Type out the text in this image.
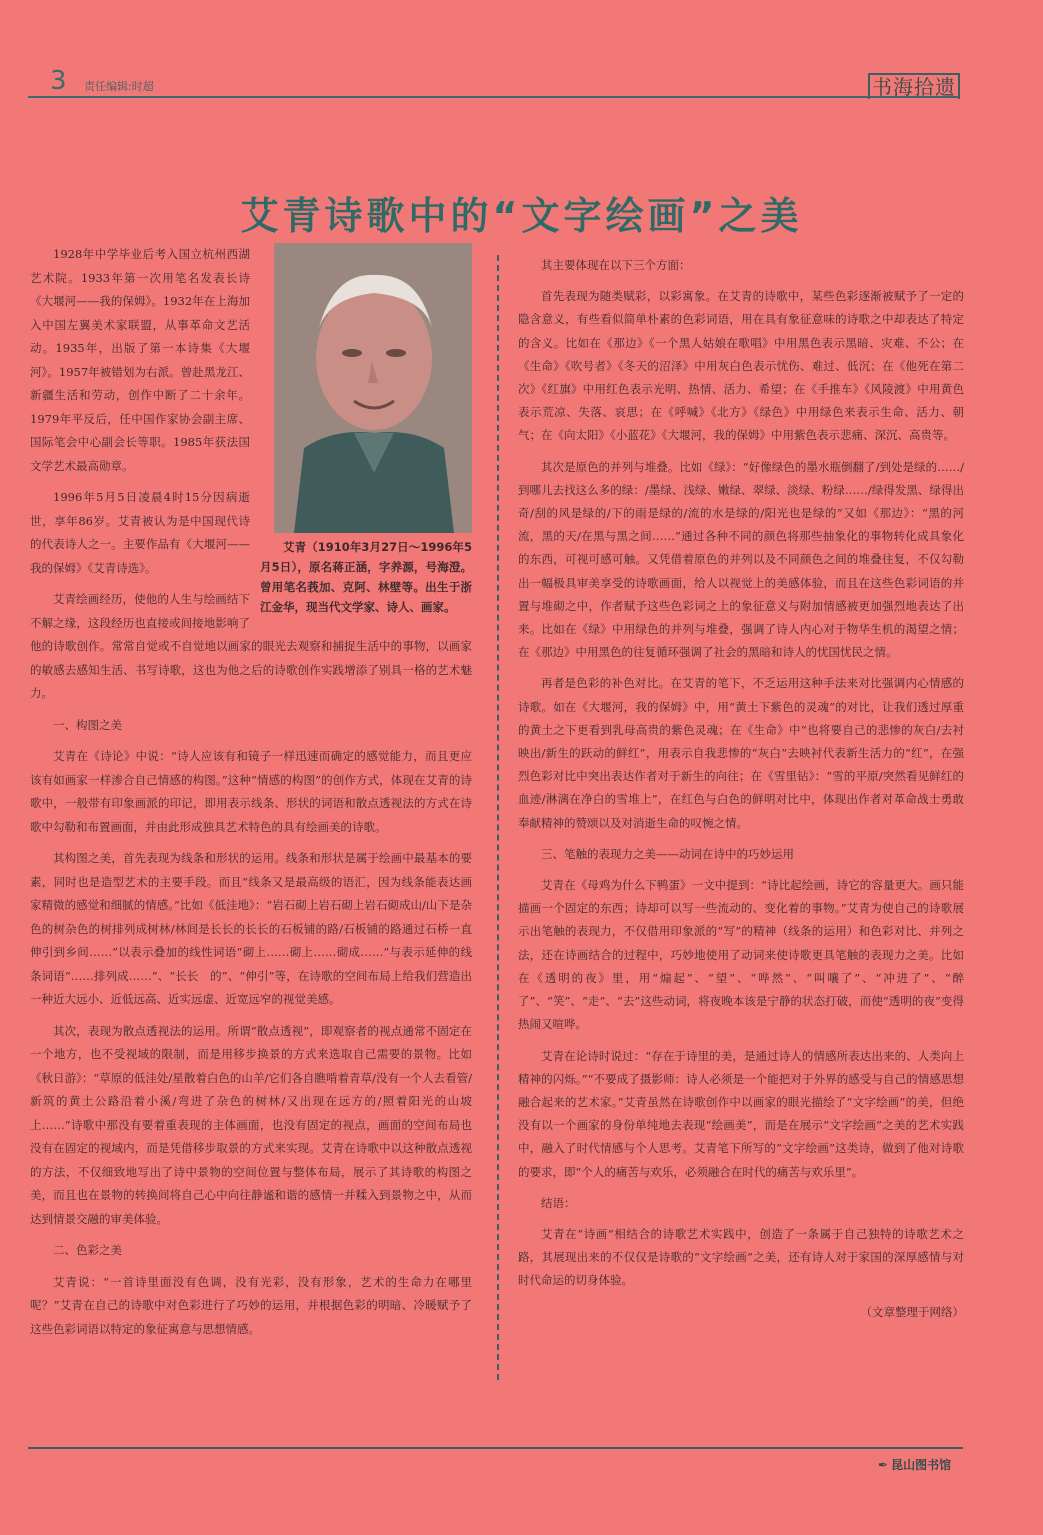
3 责任编辑:时超	书海拾遗
艾青诗歌中的“文字绘画”之美
艾青（1910年3月27日～1996年5月5日），原名蒋正涵，字养源，号海澄。曾用笔名莪加、克阿、林壁等。出生于浙江金华，现当代文学家、诗人、画家。

1928年中学毕业后考入国立杭州西湖艺术院。1933年第一次用笔名发表长诗《大堰河——我的保姆》。1932年在上海加入中国左翼美术家联盟，从事革命文艺活动。1935年，出版了第一本诗集《大堰河》。1957年被错划为右派。曾赴黑龙江、新疆生活和劳动，创作中断了二十余年。1979年平反后，任中国作家协会副主席、国际笔会中心副会长等职。1985年获法国文学艺术最高勋章。

1996年5月5日凌晨4时15分因病逝世，享年86岁。艾青被认为是中国现代诗的代表诗人之一。主要作品有《大堰河——我的保姆》《艾青诗选》。

艾青绘画经历，使他的人生与绘画结下不解之缘，这段经历也直接或间接地影响了他的诗歌创作。常常自觉或不自觉地以画家的眼光去观察和捕捉生活中的事物，以画家的敏感去感知生活、书写诗歌，这也为他之后的诗歌创作实践增添了别具一格的艺术魅力。

一、构图之美

艾青在《诗论》中说：“诗人应该有和镜子一样迅速而确定的感觉能力，而且更应该有如画家一样渗合自己情感的构图。”这种“情感的构图”的创作方式，体现在艾青的诗歌中，一般带有印象画派的印记，即用表示线条、形状的词语和散点透视法的方式在诗歌中勾勒和布置画面，并由此形成独具艺术特色的具有绘画美的诗歌。

其构图之美，首先表现为线条和形状的运用。线条和形状是属于绘画中最基本的要素，同时也是造型艺术的主要手段。而且“线条又是最高级的语汇，因为线条能表达画家精微的感觉和细腻的情感。”比如《低洼地》：“岩石砌上岩石砌上岩石砌成山/山下是杂色的树杂色的树排列成树林/林间是长长的长长的石板铺的路/石板铺的路通过石桥一直伸引到乡间……”以表示叠加的线性词语“砌上……砌上……砌成……”与表示延伸的线条词语“……排列成……”、“长长　的”、“伸引”等，在诗歌的空间布局上给我们营造出一种近大远小、近低远高、近实远虚、近宽远窄的视觉美感。

其次，表现为散点透视法的运用。所谓“散点透视”，即观察者的视点通常不固定在一个地方，也不受视域的限制，而是用移步换景的方式来选取自己需要的景物。比如《秋日游》：“草原的低洼处/星散着白色的山羊/它们各自瞧啃着青草/没有一个人去看管/新筑的黄土公路沿着小溪/弯进了杂色的树林/又出现在远方的/照着阳光的山坡上……”诗歌中那没有要着重表现的主体画面，也没有固定的视点，画面的空间布局也没有在固定的视域内，而是凭借移步取景的方式来实现。艾青在诗歌中以这种散点透视的方法，不仅细致地写出了诗中景物的空间位置与整体布局，展示了其诗歌的构图之美，而且也在景物的转换间将自己心中向往静谧和谐的感情一并糅入到景物之中，从而达到情景交融的审美体验。

二、色彩之美

艾青说：“一首诗里面没有色调，没有光彩，没有形象，艺术的生命力在哪里呢？”艾青在自己的诗歌中对色彩进行了巧妙的运用，并根据色彩的明暗、冷暖赋予了这些色彩词语以特定的象征寓意与思想情感。

其主要体现在以下三个方面：

首先表现为随类赋彩，以彩寓象。在艾青的诗歌中，某些色彩逐渐被赋予了一定的隐含意义，有些看似简单朴素的色彩词语，用在具有象征意味的诗歌之中却表达了特定的含义。比如在《那边》《一个黑人姑娘在歌唱》中用黑色表示黑暗、灾难、不公；在《生命》《吹号者》《冬天的沼泽》中用灰白色表示忧伤、难过、低沉；在《他死在第二次》《红旗》中用红色表示光明、热情、活力、希望；在《手推车》《风陵渡》中用黄色表示荒凉、失落、哀思；在《呼喊》《北方》《绿色》中用绿色来表示生命、活力、朝气；在《向太阳》《小蓝花》《大堰河，我的保姆》中用紫色表示悲痛、深沉、高贵等。

其次是原色的并列与堆叠。比如《绿》：“好像绿色的墨水瓶倒翻了/到处是绿的……/到哪儿去找这么多的绿：/墨绿、浅绿、嫩绿、翠绿、淡绿、粉绿……/绿得发黑、绿得出奇/刮的风是绿的/下的雨是绿的/流的水是绿的/阳光也是绿的”又如《那边》：“黑的河流，黑的天/在黑与黑之间……”通过各种不同的颜色将那些抽象化的事物转化成具象化的东西，可视可感可触。又凭借着原色的并列以及不同颜色之间的堆叠往复，不仅勾勒出一幅极具审美享受的诗歌画面，给人以视觉上的美感体验，而且在这些色彩词语的并置与堆砌之中，作者赋予这些色彩词之上的象征意义与附加情感被更加强烈地表达了出来。比如在《绿》中用绿色的并列与堆叠，强调了诗人内心对于物华生机的渴望之情；在《那边》中用黑色的往复循环强调了社会的黑暗和诗人的忧国忧民之情。

再者是色彩的补色对比。在艾青的笔下，不乏运用这种手法来对比强调内心情感的诗歌。如在《大堰河，我的保姆》中，用“黄土下紫色的灵魂”的对比，让我们透过厚重的黄土之下更看到乳母高贵的紫色灵魂；在《生命》中“也将要自己的悲惨的灰白/去衬映出/新生的跃动的鲜红”，用表示自我悲惨的“灰白”去映衬代表新生活力的“红”，在强烈色彩对比中突出表达作者对于新生的向往；在《雪里钻》：“雪的平原/突然看见鲜红的血迹/淋漓在净白的雪堆上”，在红色与白色的鲜明对比中，体现出作者对革命战士勇敢奉献精神的赞颂以及对消逝生命的叹惋之情。

三、笔触的表现力之美——动词在诗中的巧妙运用

艾青在《母鸡为什么下鸭蛋》一文中提到：“诗比起绘画，诗它的容量更大。画只能描画一个固定的东西；诗却可以写一些流动的、变化着的事物。”艾青为使自己的诗歌展示出笔触的表现力，不仅借用印象派的“写”的精神（线条的运用）和色彩对比、并列之法，还在诗画结合的过程中，巧妙地使用了动词来使诗歌更具笔触的表现力之美。比如在《透明的夜》里，用“煽起”、“望”、“哗然”、“叫嚷了”、“冲进了”、“醉了”、“笑”、“走”、“去”这些动词，将夜晚本该是宁静的状态打破，而使“透明的夜”变得热闹又喧哗。

艾青在论诗时说过：“存在于诗里的美，是通过诗人的情感所表达出来的、人类向上精神的闪烁。”“不要成了摄影师：诗人必须是一个能把对于外界的感受与自己的情感思想融合起来的艺术家。”艾青虽然在诗歌创作中以画家的眼光描绘了“文字绘画”的美，但绝没有以一个画家的身份单纯地去表现“绘画美”，而是在展示“文字绘画”之美的艺术实践中，融入了时代情感与个人思考。艾青笔下所写的“文字绘画”这类诗，做到了他对诗歌的要求，即“个人的痛苦与欢乐，必须融合在时代的痛苦与欢乐里”。

结语：

艾青在“诗画”相结合的诗歌艺术实践中，创造了一条属于自己独特的诗歌艺术之路，其展现出来的不仅仅是诗歌的“文字绘画”之美，还有诗人对于家国的深厚感情与对时代命运的切身体验。

（文章整理于网络）

✒ 昆山图书馆
